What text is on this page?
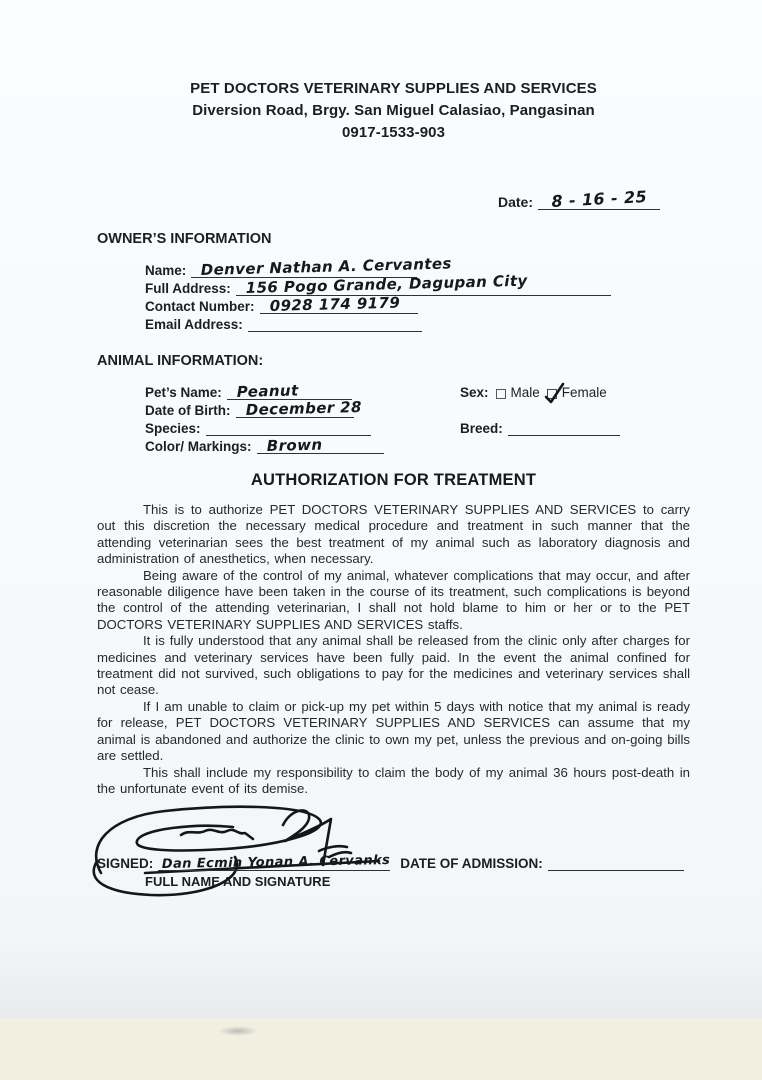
PET DOCTORS VETERINARY SUPPLIES AND SERVICES
Diversion Road, Brgy. San Miguel Calasiao, Pangasinan
0917-1533-903
Date: 8 - 16 - 25
OWNER’S INFORMATION
Name: Denver Nathan A. Cervantes
Full Address: 156 Pogo Grande, Dagupan City
Contact Number: 0928 174 9179
Email Address:
ANIMAL INFORMATION:
Pet’s Name: Peanut	Sex: Male Female
Date of Birth: December 28
Species:	Breed:
Color/ Markings: Brown
AUTHORIZATION FOR TREATMENT

This is to authorize PET DOCTORS VETERINARY SUPPLIES AND SERVICES to carry out this discretion the necessary medical procedure and treatment in such manner that the attending veterinarian sees the best treatment of my animal such as laboratory diagnosis and administration of anesthetics, when necessary.

Being aware of the control of my animal, whatever complications that may occur, and after reasonable diligence have been taken in the course of its treatment, such complications is beyond the control of the attending veterinarian, I shall not hold blame to him or her or to the PET DOCTORS VETERINARY SUPPLIES AND SERVICES staffs.

It is fully understood that any animal shall be released from the clinic only after charges for medicines and veterinary services have been fully paid. In the event the animal confined for treatment did not survived, such obligations to pay for the medicines and veterinary services shall not cease.

If I am unable to claim or pick-up my pet within 5 days with notice that my animal is ready for release, PET DOCTORS VETERINARY SUPPLIES AND SERVICES can assume that my animal is abandoned and authorize the clinic to own my pet, unless the previous and on-going bills are settled.

This shall include my responsibility to claim the body of my animal 36 hours post-death in the unfortunate event of its demise.

SIGNED: Dan Ecmin Yonan A. Cervanks DATE OF ADMISSION:
FULL NAME AND SIGNATURE
